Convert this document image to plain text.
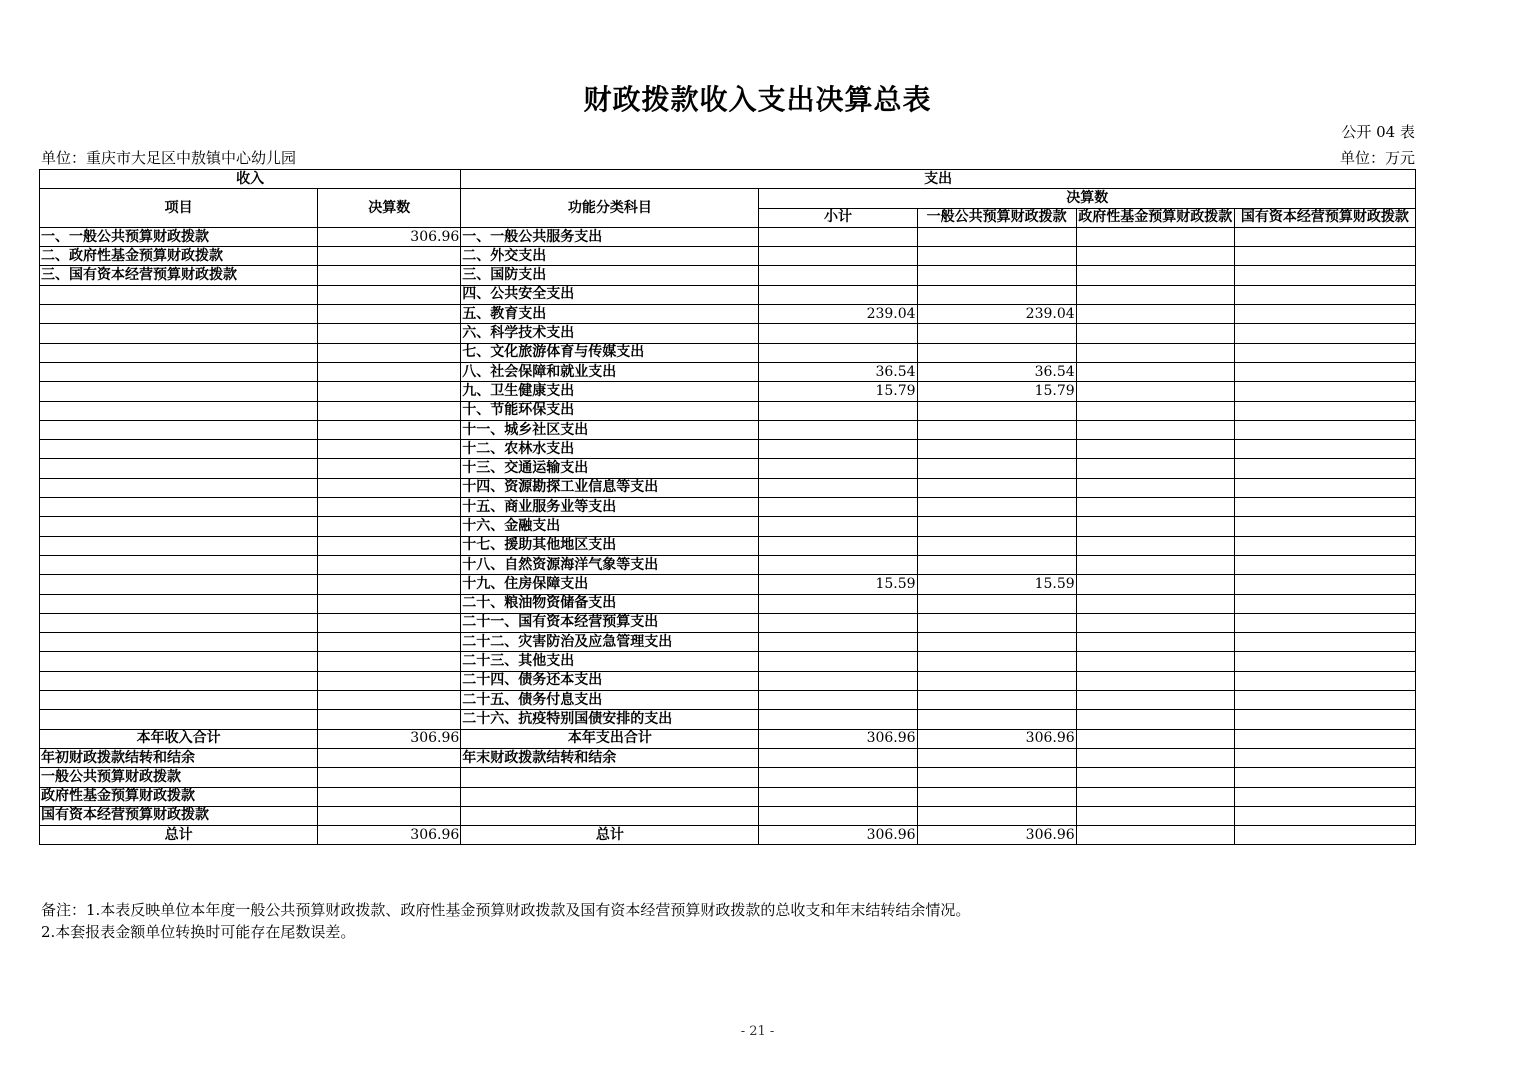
财政拨款收入支出决算总表
公开 04 表
单位：重庆市大足区中敖镇中心幼儿园	单位：万元
收入		支出				
项目	决算数	功能分类科目	决算数			
			小计	一般公共预算财政拨款	政府性基金预算财政拨款	国有资本经营预算财政拨款

一、一般公共预算财政拨款	306.96	一、一般公共服务支出				
二、政府性基金预算财政拨款		二、外交支出				
三、国有资本经营预算财政拨款		三、国防支出				
		四、公共安全支出				
		五、教育支出	239.04	239.04		
		六、科学技术支出				
		七、文化旅游体育与传媒支出				
		八、社会保障和就业支出	36.54	36.54		
		九、卫生健康支出	15.79	15.79		
		十、节能环保支出				
		十一、城乡社区支出				
		十二、农林水支出				
		十三、交通运输支出				
		十四、资源勘探工业信息等支出				
		十五、商业服务业等支出				
		十六、金融支出				
		十七、援助其他地区支出				
		十八、自然资源海洋气象等支出				
		十九、住房保障支出	15.59	15.59		
		二十、粮油物资储备支出				
		二十一、国有资本经营预算支出				
		二十二、灾害防治及应急管理支出				
		二十三、其他支出				
		二十四、债务还本支出				
		二十五、债务付息支出				
		二十六、抗疫特别国债安排的支出				
本年收入合计	306.96	本年支出合计	306.96	306.96		
年初财政拨款结转和结余		年末财政拨款结转和结余				
一般公共预算财政拨款						
政府性基金预算财政拨款						
国有资本经营预算财政拨款						
总计	306.96	总计	306.96	306.96		
备注：1.本表反映单位本年度一般公共预算财政拨款、政府性基金预算财政拨款及国有资本经营预算财政拨款的总收支和年末结转结余情况。
2.本套报表金额单位转换时可能存在尾数误差。
- 21 -
